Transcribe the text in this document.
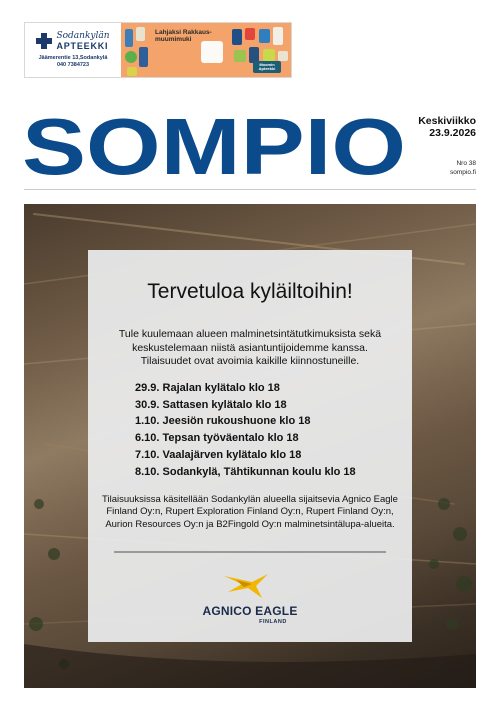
Sodankylän
APTEEKKI
Jäämerentie 13,Sodankylä
040 7384723
Lahjaksi Rakkaus-muumimuki
Moomin Apteekki
SOMPIO Keskiviikko
23.9.2026
Nro 38
sompio.fi
Tervetuloa kyläiltoihin!

Tule kuulemaan alueen malminetsintätutkimuksista sekä keskustelemaan niistä asiantuntijoidemme kanssa. Tilaisuudet ovat avoimia kaikille kiinnostuneille.

29.9. Rajalan kylätalo klo 18
30.9. Sattasen kylätalo klo 18
1.10. Jeesiön rukoushuone klo 18
6.10. Tepsan työväentalo klo 18
7.10. Vaalajärven kylätalo klo 18
8.10. Sodankylä, Tähtikunnan koulu klo 18

Tilaisuuksissa käsitellään Sodankylän alueella sijaitsevia Agnico Eagle Finland Oy:n, Rupert Exploration Finland Oy:n, Rupert Finland Oy:n, Aurion Resources Oy:n ja B2Fingold Oy:n malminetsintälupa-alueita.

AGNICO EAGLE
FINLAND
